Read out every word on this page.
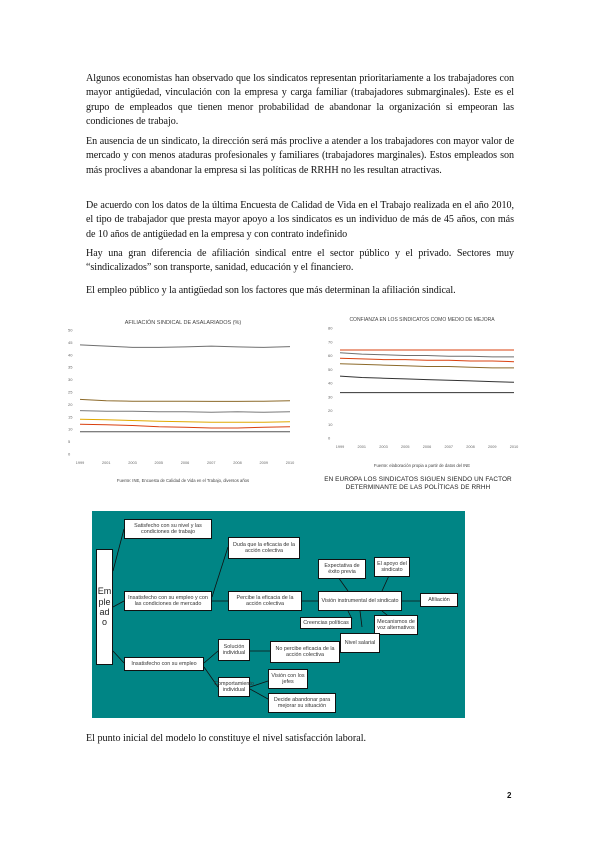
Algunos economistas han observado que los sindicatos representan prioritariamente a los trabajadores con mayor antigüedad, vinculación con la empresa y carga familiar (trabajadores submarginales). Este es el grupo de empleados que tienen menor probabilidad de abandonar la organización si empeoran las condiciones de trabajo.

En ausencia de un sindicato, la dirección será más proclive a atender a los trabajadores con mayor valor de mercado y con menos ataduras profesionales y familiares (trabajadores marginales). Estos empleados son más proclives a abandonar la empresa si las políticas de RRHH no les resultan atractivas.

De acuerdo con los datos de la última Encuesta de Calidad de Vida en el Trabajo realizada en el año 2010, el tipo de trabajador que presta mayor apoyo a los sindicatos es un individuo de más de 45 años, con más de 10 años de antigüedad en la empresa y con contrato indefinido

Hay una gran diferencia de afiliación sindical entre el sector público y el privado. Sectores muy “sindicalizados” son transporte, sanidad, educación y el financiero.

El empleo público y la antigüedad son los factores que más determinan la afiliación sindical.

AFILIACIÓN SINDICAL DE ASALARIADOS (%)
50
45
40
35
30
25
20
15
10
5
0
1999	2001	2003	2005	2006	2007	2008	2009	2010
Fuente: INE, Encuesta de Calidad de Vida en el Trabajo, diversos años
CONFIANZA EN LOS SINDICATOS COMO MEDIO DE MEJORA
80
70
60
50
40
30
20
10
0
1999	2001	2003	2005	2006	2007	2008	2009	2010
Fuente: elaboración propia a partir de datos del INE
EN EUROPA LOS SINDICATOS SIGUEN SIENDO UN FACTOR DETERMINANTE DE LAS POLÍTICAS DE RRHH
Empleado
Satisfecho con su nivel y las condiciones de trabajo
Insatisfecho con su empleo y con las condiciones de mercado
Insatisfecho con su empleo
Duda que la eficacia de la acción colectiva
Percibe la eficacia de la acción colectiva
Expectativa de éxito previa
El apoyo del sindicato
Visión instrumental del sindicato	Afiliación
Creencias políticas	Mecanismos de voz alternativos
Nivel salarial
Solución individual
No percibe eficacia de la acción colectiva
Comportamiento individual
Visión con los jefes
Decide abandonar para mejorar su situación

El punto inicial del modelo lo constituye el nivel satisfacción laboral.

2
